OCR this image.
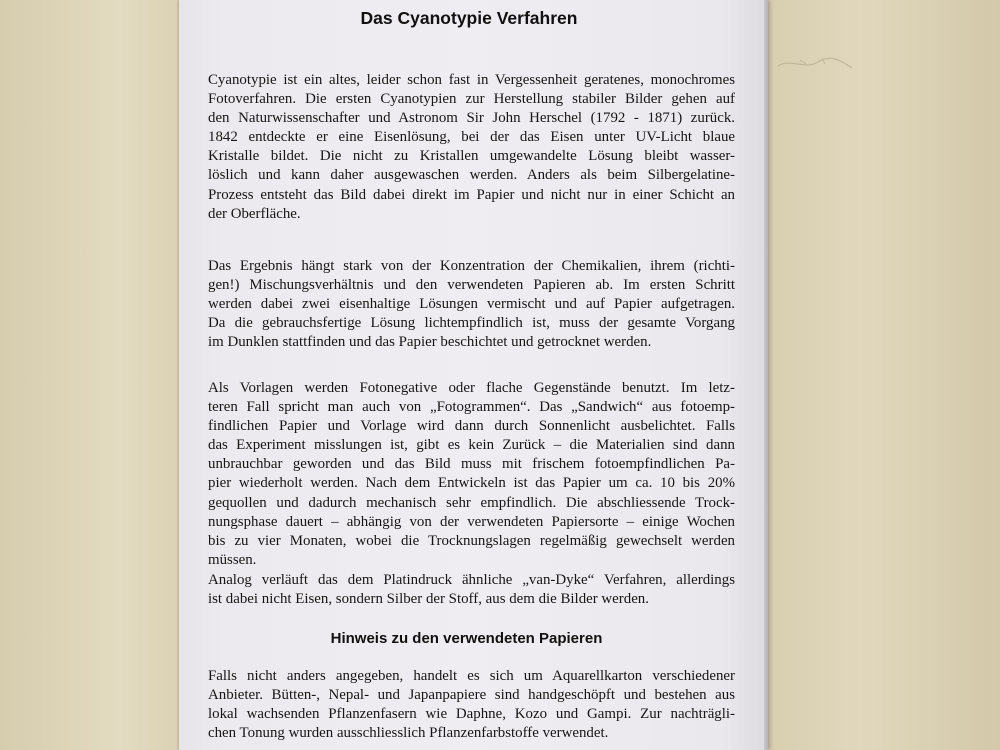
Das Cyanotypie Verfahren

Cyanotypie ist ein altes, leider schon fast in Vergessenheit geratenes, monochromes
Fotoverfahren. Die ersten Cyanotypien zur Herstellung stabiler Bilder gehen auf
den Naturwissenschafter und Astronom Sir John Herschel (1792 - 1871) zurück.
1842 entdeckte er eine Eisenlösung, bei der das Eisen unter UV-Licht blaue
Kristalle bildet. Die nicht zu Kristallen umgewandelte Lösung bleibt wasser-
löslich und kann daher ausgewaschen werden. Anders als beim Silbergelatine-
Prozess entsteht das Bild dabei direkt im Papier und nicht nur in einer Schicht an
der Oberfläche.

Das Ergebnis hängt stark von der Konzentration der Chemikalien, ihrem (richti-
gen!) Mischungsverhältnis und den verwendeten Papieren ab. Im ersten Schritt
werden dabei zwei eisenhaltige Lösungen vermischt und auf Papier aufgetragen.
Da die gebrauchsfertige Lösung lichtempfindlich ist, muss der gesamte Vorgang
im Dunklen stattfinden und das Papier beschichtet und getrocknet werden.

Als Vorlagen werden Fotonegative oder flache Gegenstände benutzt. Im letz-
teren Fall spricht man auch von „Fotogrammen“. Das „Sandwich“ aus fotoemp-
findlichen Papier und Vorlage wird dann durch Sonnenlicht ausbelichtet. Falls
das Experiment misslungen ist, gibt es kein Zurück – die Materialien sind dann
unbrauchbar geworden und das Bild muss mit frischem fotoempfindlichen Pa-
pier wiederholt werden. Nach dem Entwickeln ist das Papier um ca. 10 bis 20%
gequollen und dadurch mechanisch sehr empfindlich. Die abschliessende Trock-
nungsphase dauert – abhängig von der verwendeten Papiersorte – einige Wochen
bis zu vier Monaten, wobei die Trocknungslagen regelmäßig gewechselt werden
müssen.

Analog verläuft das dem Platindruck ähnliche „van-Dyke“ Verfahren, allerdings
ist dabei nicht Eisen, sondern Silber der Stoff, aus dem die Bilder werden.

Hinweis zu den verwendeten Papieren

Falls nicht anders angegeben, handelt es sich um Aquarellkarton verschiedener
Anbieter. Bütten-, Nepal- und Japanpapiere sind handgeschöpft und bestehen aus
lokal wachsenden Pflanzenfasern wie Daphne, Kozo und Gampi. Zur nachträgli-
chen Tonung wurden ausschliesslich Pflanzenfarbstoffe verwendet.
